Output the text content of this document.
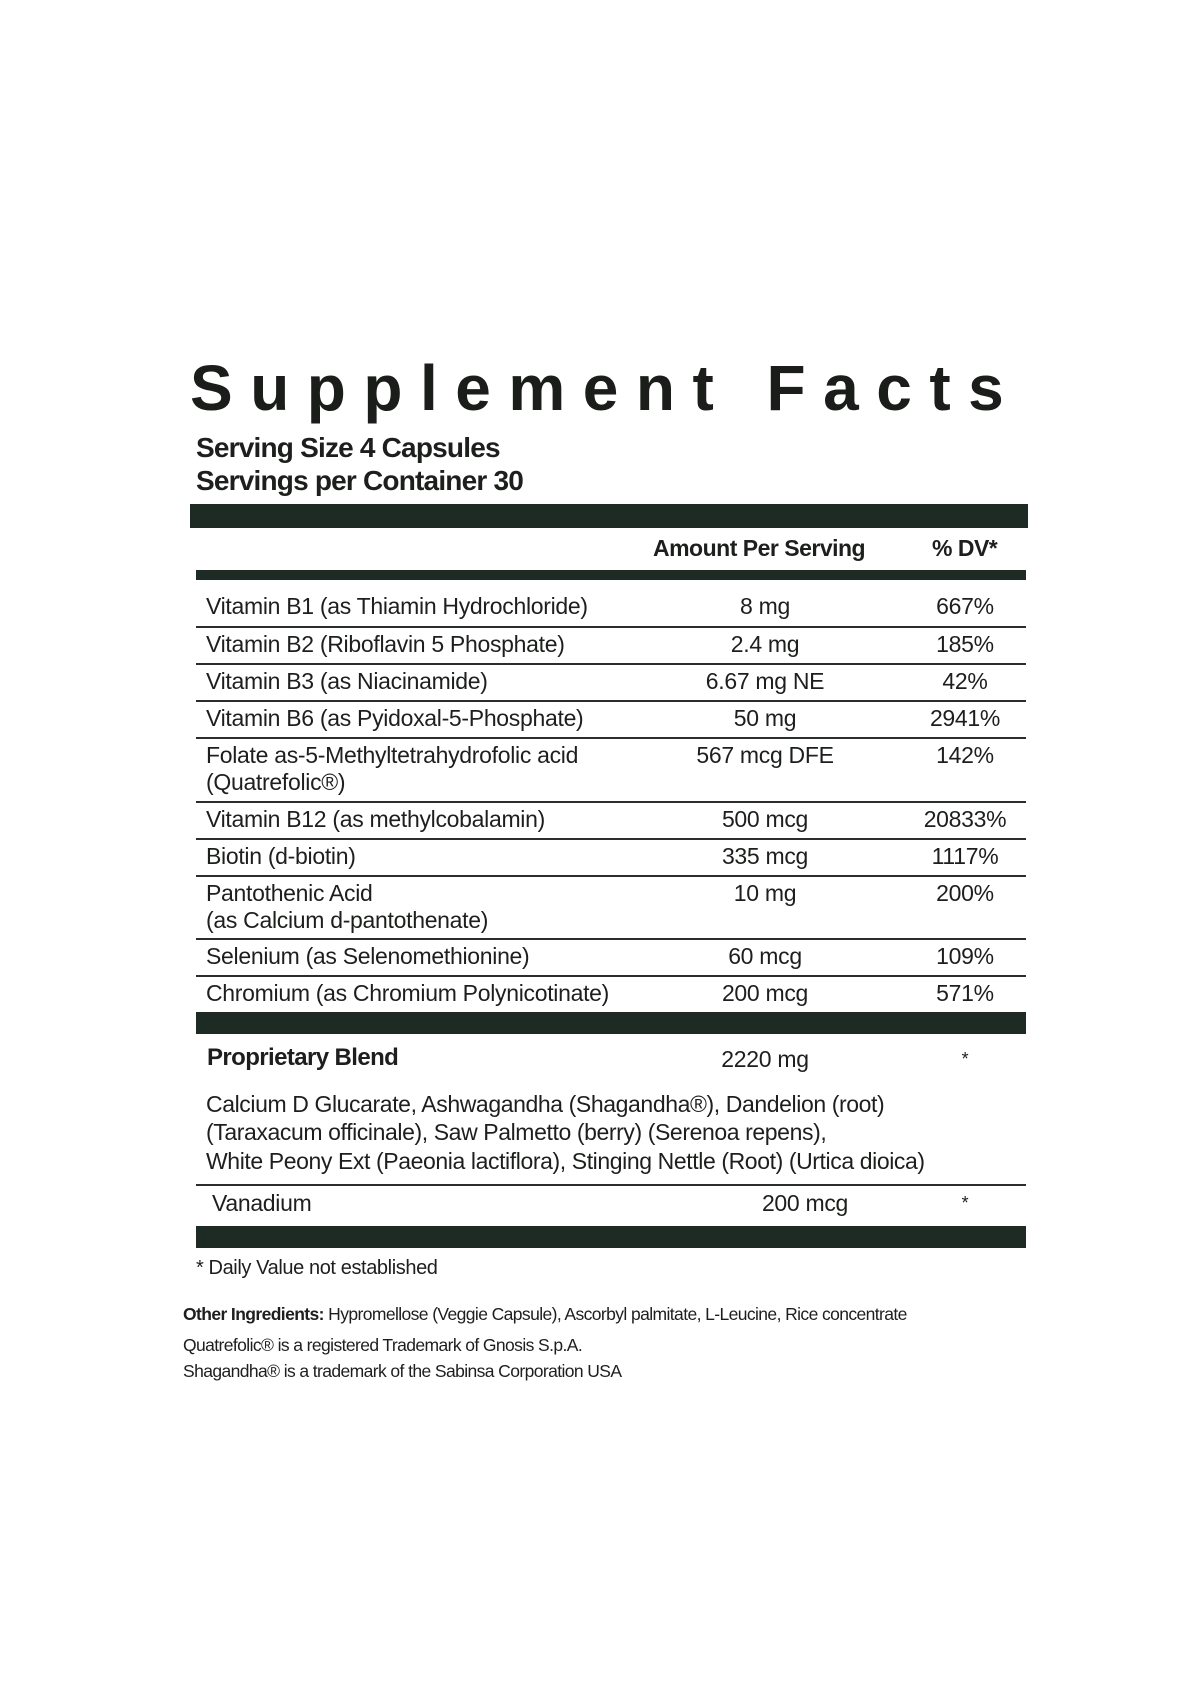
Supplement Facts
Serving Size 4 Capsules
Servings per Container 30
Amount Per Serving	% DV*
Vitamin B1 (as Thiamin Hydrochloride)	8 mg	667%
Vitamin B2 (Riboflavin 5 Phosphate)	2.4 mg	185%
Vitamin B3 (as Niacinamide)	6.67 mg NE	42%
Vitamin B6 (as Pyidoxal-5-Phosphate)	50 mg	2941%
Folate as-5-Methyltetrahydrofolic acid
(Quatrefolic®)
567 mcg DFE	142%
Vitamin B12 (as methylcobalamin)	500 mcg	20833%
Biotin (d-biotin)	335 mcg	1117%
Pantothenic Acid
(as Calcium d-pantothenate)
10 mg	200%
Selenium (as Selenomethionine)	60 mcg	109%
Chromium (as Chromium Polynicotinate)	200 mcg	571%
Proprietary Blend	2220 mg	*
Calcium D Glucarate, Ashwagandha (Shagandha®), Dandelion (root)
(Taraxacum officinale), Saw Palmetto (berry) (Serenoa repens),
White Peony Ext (Paeonia lactiflora), Stinging Nettle (Root) (Urtica dioica)
Vanadium	200 mcg	*
* Daily Value not established
Other Ingredients: Hypromellose (Veggie Capsule), Ascorbyl palmitate, L-Leucine, Rice concentrate
Quatrefolic® is a registered Trademark of Gnosis S.p.A.
Shagandha® is a trademark of the Sabinsa Corporation USA
